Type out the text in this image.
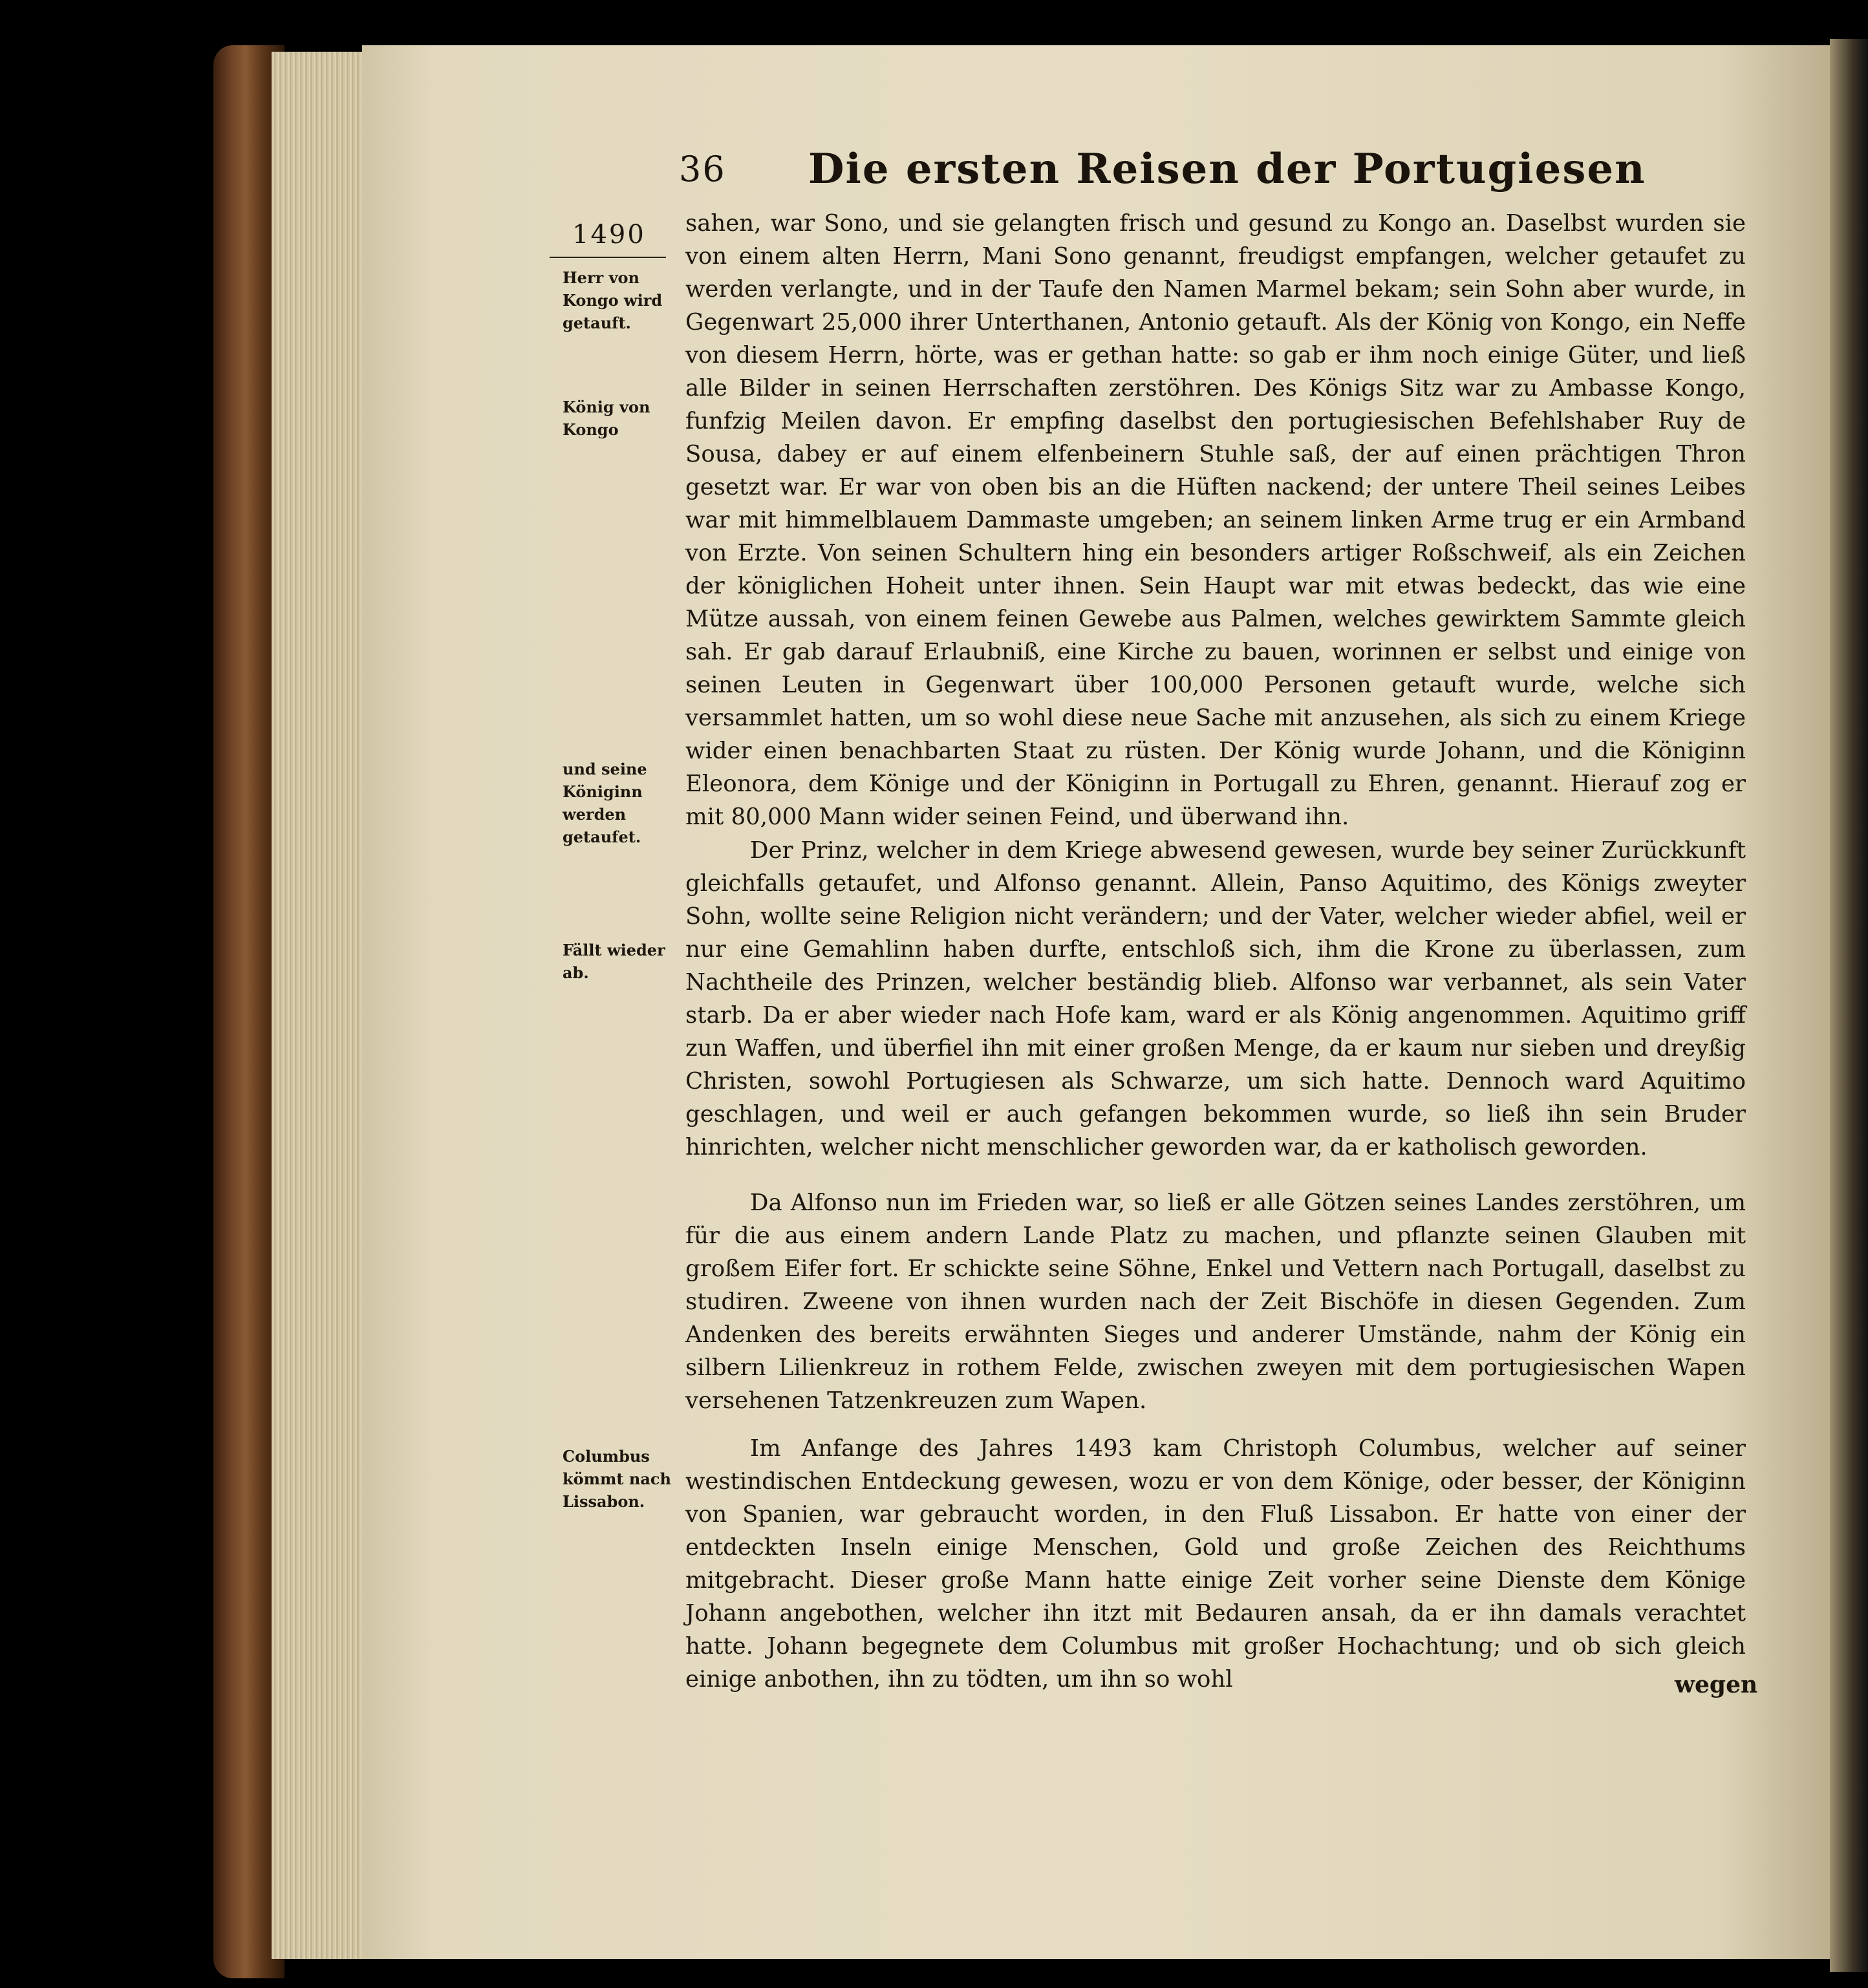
36 Die ersten Reisen der Portugiesen
1490
Herr von Kongo wird getauft.
König von Kongo
und seine Königinn werden getaufet.
Fällt wieder ab.
Columbus kömmt nach Lissabon.

sahen, war Sono, und sie gelangten frisch und gesund zu Kongo an. Daselbst wurden sie von einem alten Herrn, Mani Sono genannt, freudigst empfangen, welcher getaufet zu werden verlangte, und in der Taufe den Namen Marmel bekam; sein Sohn aber wurde, in Gegenwart 25,000 ihrer Unterthanen, Antonio getauft. Als der König von Kongo, ein Neffe von diesem Herrn, hörte, was er gethan hatte: so gab er ihm noch einige Güter, und ließ alle Bilder in seinen Herrschaften zerstöhren. Des Königs Sitz war zu Ambasse Kongo, funfzig Meilen davon. Er empfing daselbst den portugiesischen Befehlshaber Ruy de Sousa, dabey er auf einem elfenbeinern Stuhle saß, der auf einen prächtigen Thron gesetzt war. Er war von oben bis an die Hüften nackend; der untere Theil seines Leibes war mit himmelblauem Dammaste umgeben; an seinem linken Arme trug er ein Armband von Erzte. Von seinen Schultern hing ein besonders artiger Roßschweif, als ein Zeichen der königlichen Hoheit unter ihnen. Sein Haupt war mit etwas bedeckt, das wie eine Mütze aussah, von einem feinen Gewebe aus Palmen, welches gewirktem Sammte gleich sah. Er gab darauf Erlaubniß, eine Kirche zu bauen, worinnen er selbst und einige von seinen Leuten in Gegenwart über 100,000 Personen getauft wurde, welche sich versammlet hatten, um so wohl diese neue Sache mit anzusehen, als sich zu einem Kriege wider einen benachbarten Staat zu rüsten. Der König wurde Johann, und die Königinn Eleonora, dem Könige und der Königinn in Portugall zu Ehren, genannt. Hierauf zog er mit 80,000 Mann wider seinen Feind, und überwand ihn.

Der Prinz, welcher in dem Kriege abwesend gewesen, wurde bey seiner Zurückkunft gleichfalls getaufet, und Alfonso genannt. Allein, Panso Aquitimo, des Königs zweyter Sohn, wollte seine Religion nicht verändern; und der Vater, welcher wieder abfiel, weil er nur eine Gemahlinn haben durfte, entschloß sich, ihm die Krone zu überlassen, zum Nachtheile des Prinzen, welcher beständig blieb. Alfonso war verbannet, als sein Vater starb. Da er aber wieder nach Hofe kam, ward er als König angenommen. Aquitimo griff zun Waffen, und überfiel ihn mit einer großen Menge, da er kaum nur sieben und dreyßig Christen, sowohl Portugiesen als Schwarze, um sich hatte. Dennoch ward Aquitimo geschlagen, und weil er auch gefangen bekommen wurde, so ließ ihn sein Bruder hinrichten, welcher nicht menschlicher geworden war, da er katholisch geworden.

Da Alfonso nun im Frieden war, so ließ er alle Götzen seines Landes zerstöhren, um für die aus einem andern Lande Platz zu machen, und pflanzte seinen Glauben mit großem Eifer fort. Er schickte seine Söhne, Enkel und Vettern nach Portugall, daselbst zu studiren. Zweene von ihnen wurden nach der Zeit Bischöfe in diesen Gegenden. Zum Andenken des bereits erwähnten Sieges und anderer Umstände, nahm der König ein silbern Lilienkreuz in rothem Felde, zwischen zweyen mit dem portugiesischen Wapen versehenen Tatzenkreuzen zum Wapen.

Im Anfange des Jahres 1493 kam Christoph Columbus, welcher auf seiner westindischen Entdeckung gewesen, wozu er von dem Könige, oder besser, der Königinn von Spanien, war gebraucht worden, in den Fluß Lissabon. Er hatte von einer der entdeckten Inseln einige Menschen, Gold und große Zeichen des Reichthums mitgebracht. Dieser große Mann hatte einige Zeit vorher seine Dienste dem Könige Johann angebothen, welcher ihn itzt mit Bedauren ansah, da er ihn damals verachtet hatte. Johann begegnete dem Columbus mit großer Hochachtung; und ob sich gleich einige anbothen, ihn zu tödten, um ihn so wohl	wegen
